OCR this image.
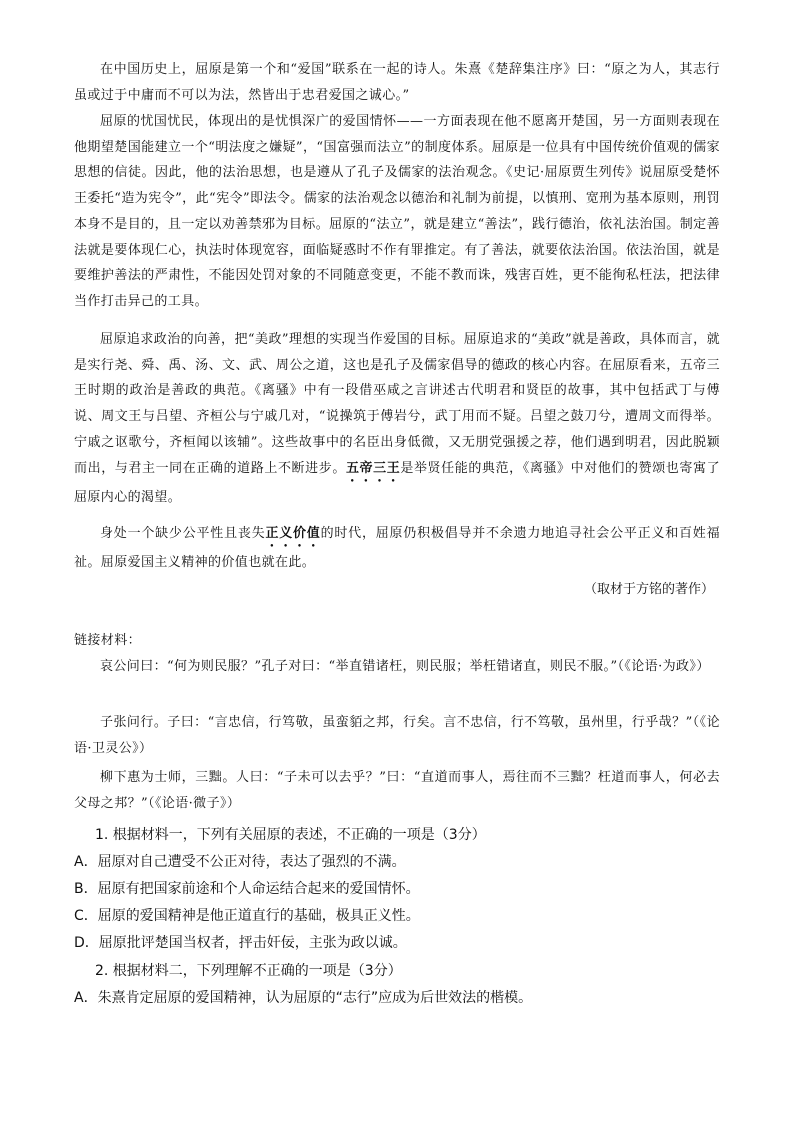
在中国历史上，屈原是第一个和“爱国”联系在一起的诗人。朱熹《楚辞集注序》曰：“原之为人，其志行虽或过于中庸而不可以为法，然皆出于忠君爱国之诚心。”

屈原的忧国忧民，体现出的是忧惧深广的爱国情怀——一方面表现在他不愿离开楚国，另一方面则表现在他期望楚国能建立一个“明法度之嫌疑”，“国富强而法立”的制度体系。屈原是一位具有中国传统价值观的儒家思想的信徒。因此，他的法治思想，也是遵从了孔子及儒家的法治观念。《史记·屈原贾生列传》说屈原受楚怀王委托“造为宪令”，此“宪令”即法令。儒家的法治观念以德治和礼制为前提，以慎刑、宽刑为基本原则，刑罚本身不是目的，且一定以劝善禁邪为目标。屈原的“法立”，就是建立“善法”，践行德治，依礼法治国。制定善法就是要体现仁心，执法时体现宽容，面临疑惑时不作有罪推定。有了善法，就要依法治国。依法治国，就是要维护善法的严肃性，不能因处罚对象的不同随意变更，不能不教而诛，残害百姓，更不能徇私枉法，把法律当作打击异己的工具。

屈原追求政治的向善，把“美政”理想的实现当作爱国的目标。屈原追求的“美政”就是善政，具体而言，就是实行尧、舜、禹、汤、文、武、周公之道，这也是孔子及儒家倡导的德政的核心内容。在屈原看来，五帝三王时期的政治是善政的典范。《离骚》中有一段借巫咸之言讲述古代明君和贤臣的故事，其中包括武丁与傅说、周文王与吕望、齐桓公与宁戚几对，“说操筑于傅岩兮，武丁用而不疑。吕望之鼓刀兮，遭周文而得举。宁戚之讴歌兮，齐桓闻以该辅”。这些故事中的名臣出身低微，又无朋党强援之荐，他们遇到明君，因此脱颖而出，与君主一同在正确的道路上不断进步。五帝三王是举贤任能的典范，《离骚》中对他们的赞颂也寄寓了屈原内心的渴望。

身处一个缺少公平性且丧失正义价值的时代，屈原仍积极倡导并不余遗力地追寻社会公平正义和百姓福祉。屈原爱国主义精神的价值也就在此。

（取材于方铭的著作）

链接材料：

哀公问曰：“何为则民服？”孔子对曰：“举直错诸枉，则民服；举枉错诸直，则民不服。”（《论语·为政》）

子张问行。子曰：“言忠信，行笃敬，虽蛮貊之邦，行矣。言不忠信，行不笃敬，虽州里，行乎哉？”（《论语·卫灵公》）

柳下惠为士师，三黜。人曰：“子未可以去乎？”曰：“直道而事人，焉往而不三黜？枉道而事人，何必去父母之邦？”（《论语·微子》）

1. 根据材料一，下列有关屈原的表述，不正确的一项是（3分）

A．屈原对自己遭受不公正对待，表达了强烈的不满。

B．屈原有把国家前途和个人命运结合起来的爱国情怀。

C．屈原的爱国精神是他正道直行的基础，极具正义性。

D．屈原批评楚国当权者，抨击奸佞，主张为政以诚。

2. 根据材料二，下列理解不正确的一项是（3分）

A．朱熹肯定屈原的爱国精神，认为屈原的“志行”应成为后世效法的楷模。
